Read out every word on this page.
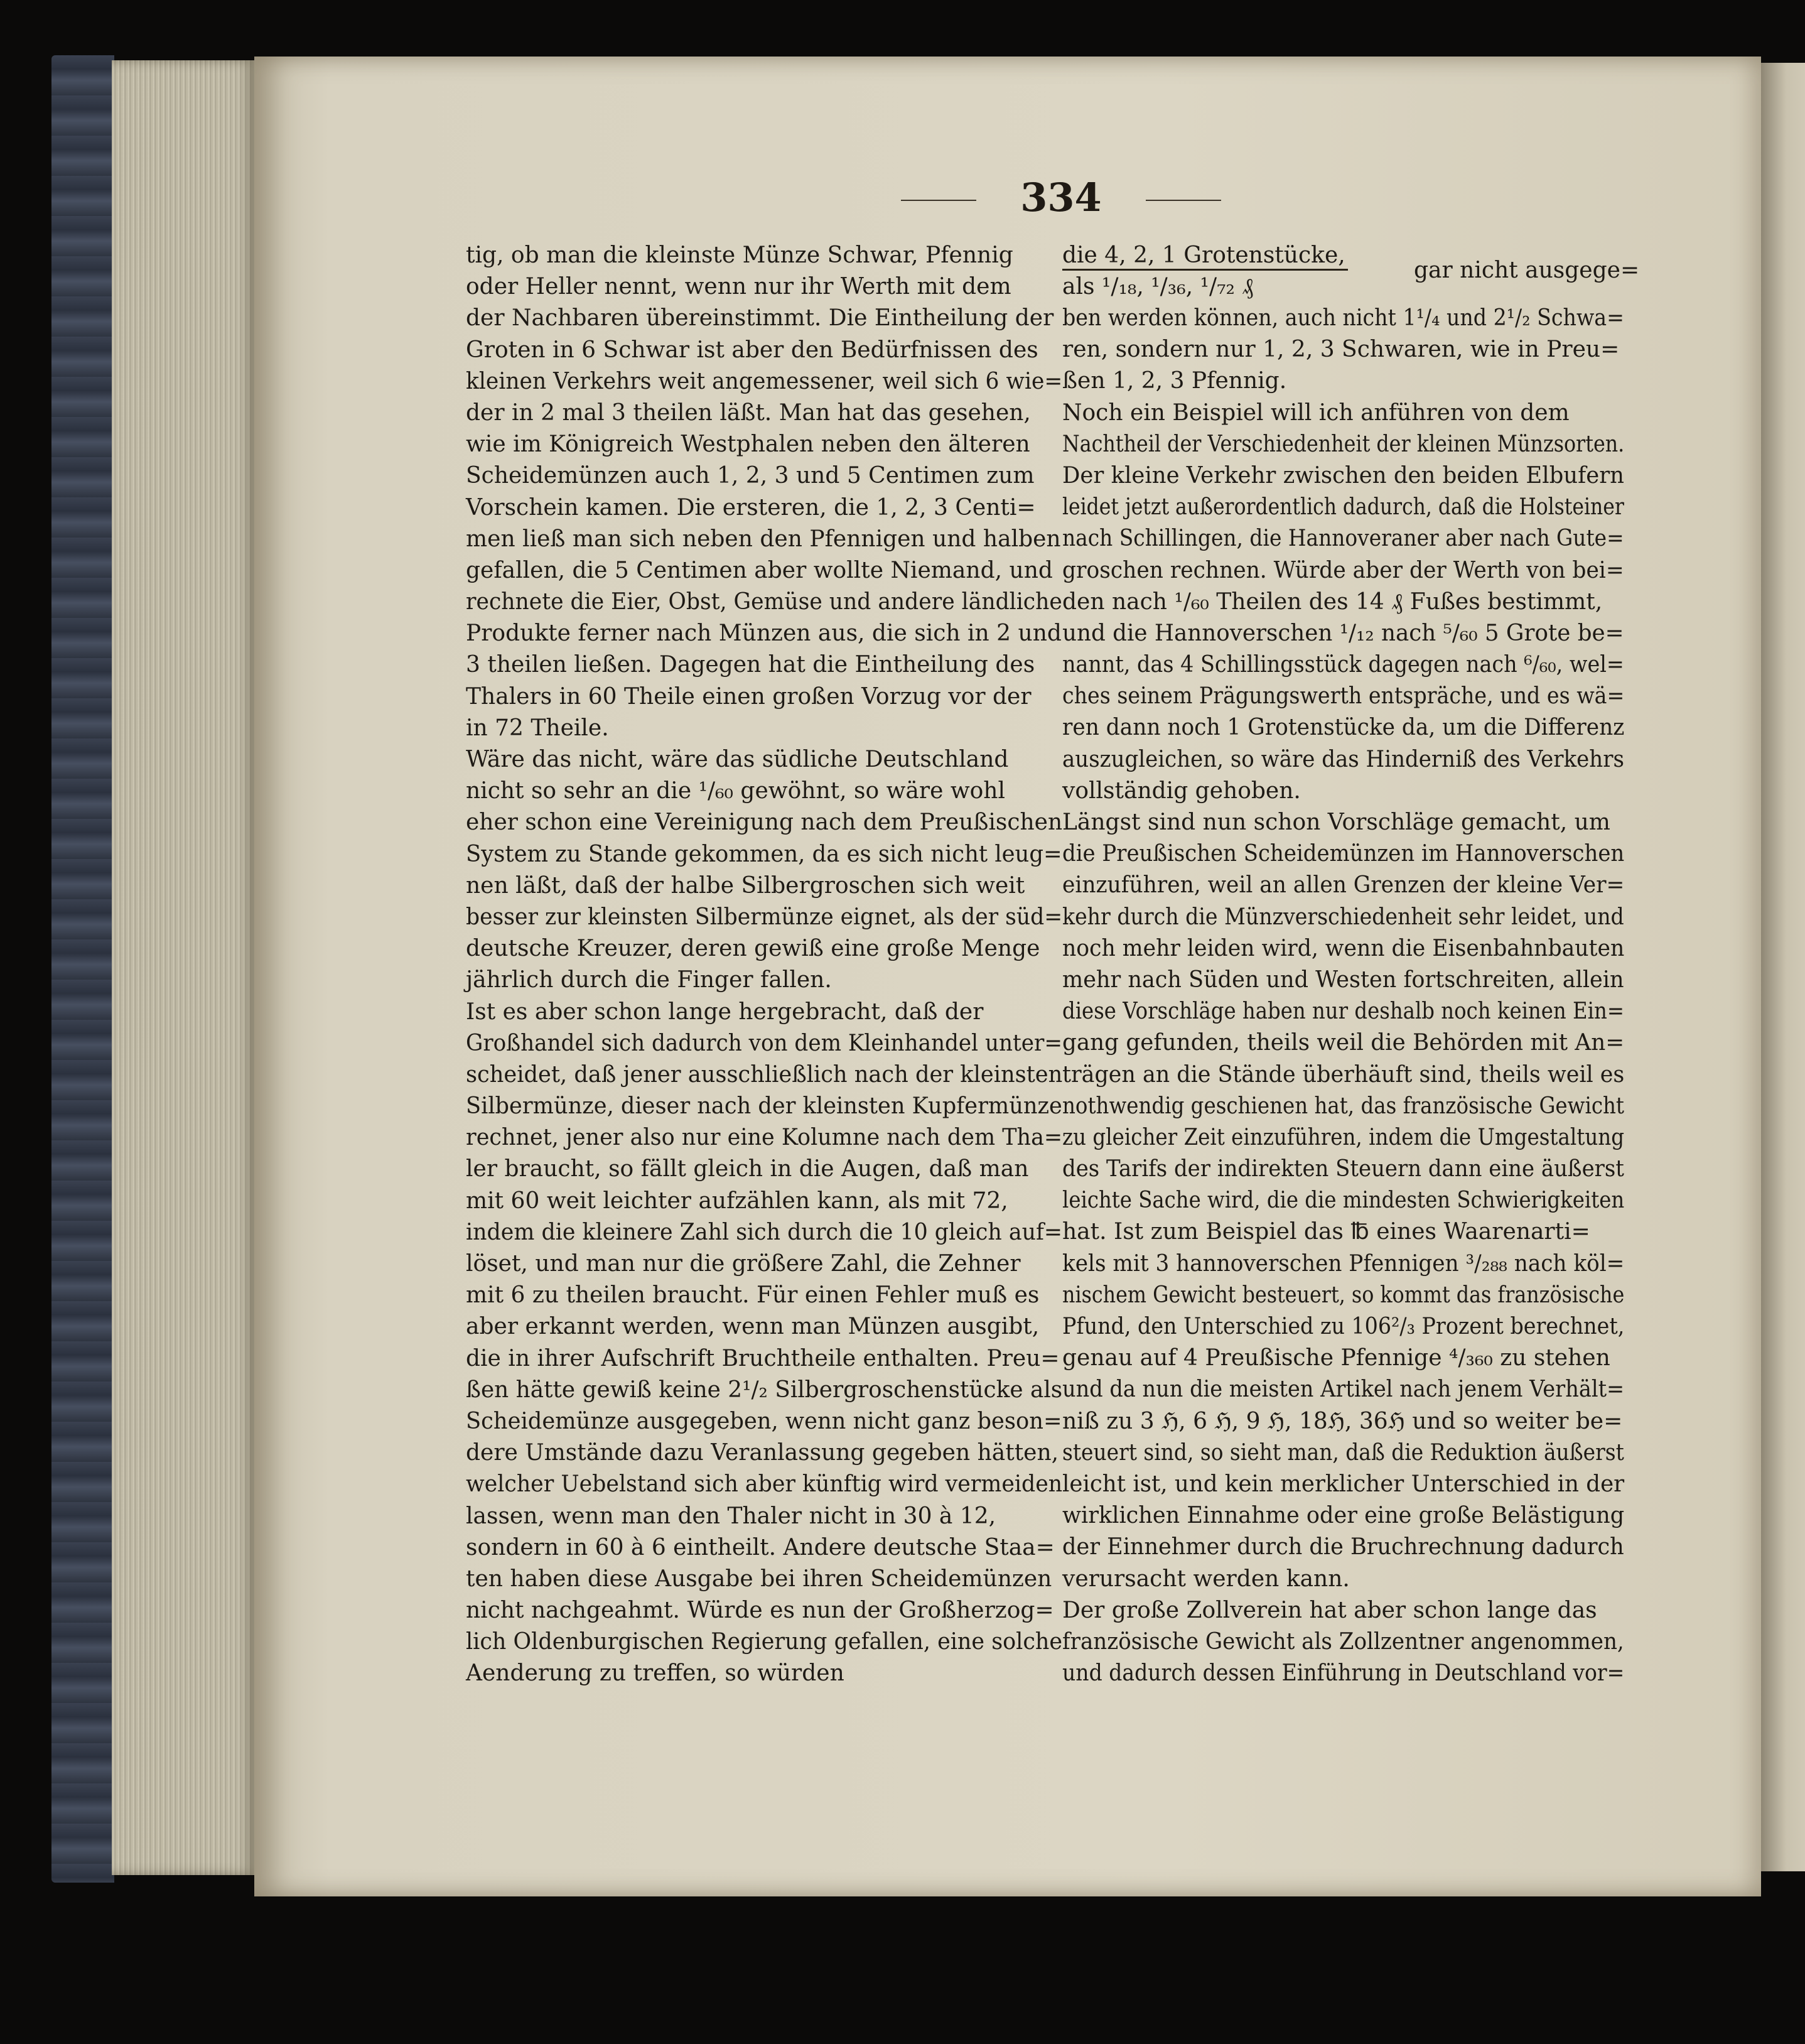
334
tig, ob man die kleinste Münze Schwar, Pfennig
oder Heller nennt, wenn nur ihr Werth mit dem
der Nachbaren übereinstimmt. Die Eintheilung der
Groten in 6 Schwar ist aber den Bedürfnissen des
kleinen Verkehrs weit angemessener, weil sich 6 wie=
der in 2 mal 3 theilen läßt. Man hat das gesehen,
wie im Königreich Westphalen neben den älteren
Scheidemünzen auch 1, 2, 3 und 5 Centimen zum
Vorschein kamen. Die ersteren, die 1, 2, 3 Centi=
men ließ man sich neben den Pfennigen und halben
gefallen, die 5 Centimen aber wollte Niemand, und
rechnete die Eier, Obst, Gemüse und andere ländliche
Produkte ferner nach Münzen aus, die sich in 2 und
3 theilen ließen. Dagegen hat die Eintheilung des
Thalers in 60 Theile einen großen Vorzug vor der
in 72 Theile.
Wäre das nicht, wäre das südliche Deutschland
nicht so sehr an die ¹/₆₀ gewöhnt, so wäre wohl
eher schon eine Vereinigung nach dem Preußischen
System zu Stande gekommen, da es sich nicht leug=
nen läßt, daß der halbe Silbergroschen sich weit
besser zur kleinsten Silbermünze eignet, als der süd=
deutsche Kreuzer, deren gewiß eine große Menge
jährlich durch die Finger fallen.
Ist es aber schon lange hergebracht, daß der
Großhandel sich dadurch von dem Kleinhandel unter=
scheidet, daß jener ausschließlich nach der kleinsten
Silbermünze, dieser nach der kleinsten Kupfermünze
rechnet, jener also nur eine Kolumne nach dem Tha=
ler braucht, so fällt gleich in die Augen, daß man
mit 60 weit leichter aufzählen kann, als mit 72,
indem die kleinere Zahl sich durch die 10 gleich auf=
löset, und man nur die größere Zahl, die Zehner
mit 6 zu theilen braucht. Für einen Fehler muß es
aber erkannt werden, wenn man Münzen ausgibt,
die in ihrer Aufschrift Bruchtheile enthalten. Preu=
ßen hätte gewiß keine 2¹/₂ Silbergroschenstücke als
Scheidemünze ausgegeben, wenn nicht ganz beson=
dere Umstände dazu Veranlassung gegeben hätten,
welcher Uebelstand sich aber künftig wird vermeiden
lassen, wenn man den Thaler nicht in 30 à 12,
sondern in 60 à 6 eintheilt. Andere deutsche Staa=
ten haben diese Ausgabe bei ihren Scheidemünzen
nicht nachgeahmt. Würde es nun der Großherzog=
lich Oldenburgischen Regierung gefallen, eine solche
Aenderung zu treffen, so würden
die 4, 2, 1 Grotenstücke,
als ¹/₁₈, ¹/₃₆, ¹/₇₂ ₰
gar nicht ausgege=
ben werden können, auch nicht 1¹/₄ und 2¹/₂ Schwa=
ren, sondern nur 1, 2, 3 Schwaren, wie in Preu=
ßen 1, 2, 3 Pfennig.
Noch ein Beispiel will ich anführen von dem
Nachtheil der Verschiedenheit der kleinen Münzsorten.
Der kleine Verkehr zwischen den beiden Elbufern
leidet jetzt außerordentlich dadurch, daß die Holsteiner
nach Schillingen, die Hannoveraner aber nach Gute=
groschen rechnen. Würde aber der Werth von bei=
den nach ¹/₆₀ Theilen des 14 ₰ Fußes bestimmt,
und die Hannoverschen ¹/₁₂ nach ⁵/₆₀ 5 Grote be=
nannt, das 4 Schillingsstück dagegen nach ⁶/₆₀, wel=
ches seinem Prägungswerth entspräche, und es wä=
ren dann noch 1 Grotenstücke da, um die Differenz
auszugleichen, so wäre das Hinderniß des Verkehrs
vollständig gehoben.
Längst sind nun schon Vorschläge gemacht, um
die Preußischen Scheidemünzen im Hannoverschen
einzuführen, weil an allen Grenzen der kleine Ver=
kehr durch die Münzverschiedenheit sehr leidet, und
noch mehr leiden wird, wenn die Eisenbahnbauten
mehr nach Süden und Westen fortschreiten, allein
diese Vorschläge haben nur deshalb noch keinen Ein=
gang gefunden, theils weil die Behörden mit An=
trägen an die Stände überhäuft sind, theils weil es
nothwendig geschienen hat, das französische Gewicht
zu gleicher Zeit einzuführen, indem die Umgestaltung
des Tarifs der indirekten Steuern dann eine äußerst
leichte Sache wird, die die mindesten Schwierigkeiten
hat. Ist zum Beispiel das ℔ eines Waarenarti=
kels mit 3 hannoverschen Pfennigen ³/₂₈₈ nach köl=
nischem Gewicht besteuert, so kommt das französische
Pfund, den Unterschied zu 106²/₃ Prozent berechnet,
genau auf 4 Preußische Pfennige ⁴/₃₆₀ zu stehen
und da nun die meisten Artikel nach jenem Verhält=
niß zu 3 ℌ, 6 ℌ, 9 ℌ, 18ℌ, 36ℌ und so weiter be=
steuert sind, so sieht man, daß die Reduktion äußerst
leicht ist, und kein merklicher Unterschied in der
wirklichen Einnahme oder eine große Belästigung
der Einnehmer durch die Bruchrechnung dadurch
verursacht werden kann.
Der große Zollverein hat aber schon lange das
französische Gewicht als Zollzentner angenommen,
und dadurch dessen Einführung in Deutschland vor=
